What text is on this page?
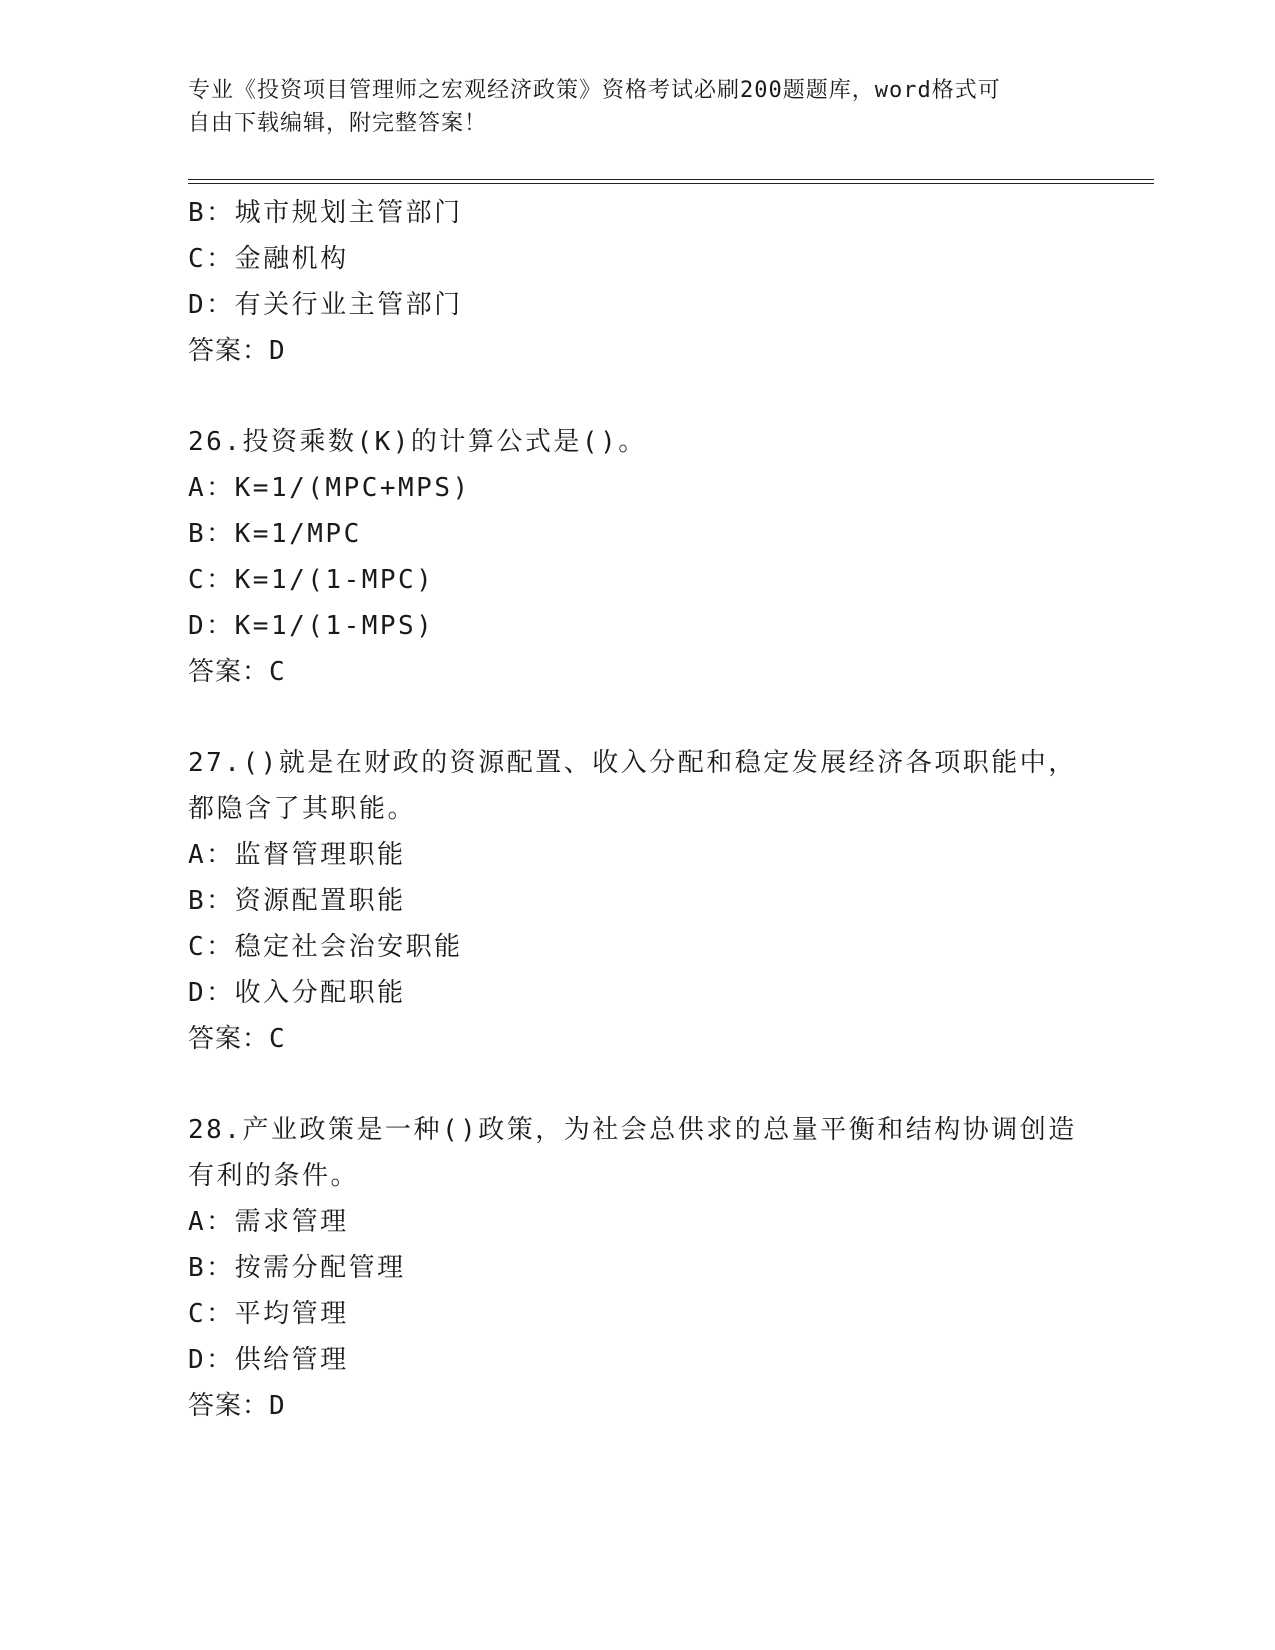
专业《投资项目管理师之宏观经济政策》资格考试必刷200题题库，word格式可
自由下载编辑，附完整答案！
B：城市规划主管部门
C：金融机构
D：有关行业主管部门
答案：D
26.投资乘数(K)的计算公式是()。
A：K=1/(MPC+MPS)
B：K=1/MPC
C：K=1/(1-MPC)
D：K=1/(1-MPS)
答案：C
27.()就是在财政的资源配置、收入分配和稳定发展经济各项职能中，
都隐含了其职能。
A：监督管理职能
B：资源配置职能
C：稳定社会治安职能
D：收入分配职能
答案：C
28.产业政策是一种()政策，为社会总供求的总量平衡和结构协调创造
有利的条件。
A：需求管理
B：按需分配管理
C：平均管理
D：供给管理
答案：D
